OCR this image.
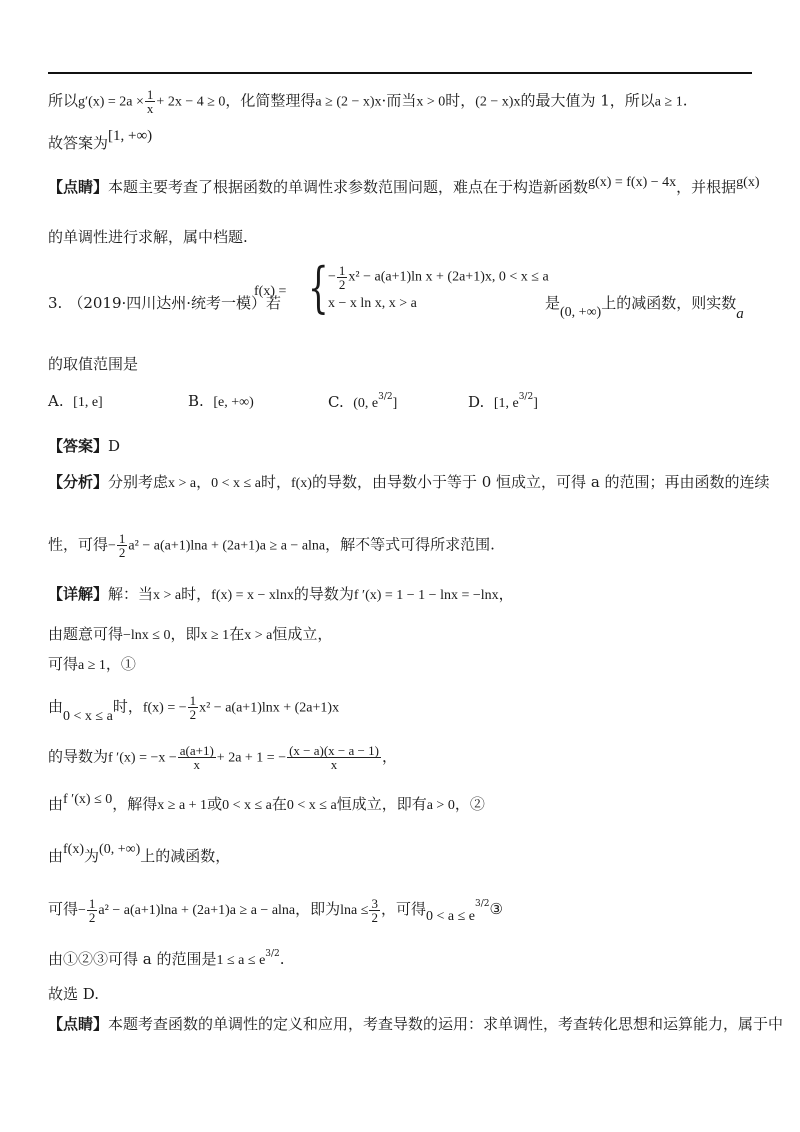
所以$g'(x) = 2a \times \frac{1}{x} + 2x - 4 \ge 0$，化简整理得a ≥ (2 − x)x·而当x > 0时，(2 − x)x的最大值为 1，所以a ≥ 1.
故答案为[1, +∞)
【点睛】本题主要考查了根据函数的单调性求参数范围问题，难点在于构造新函数g(x) = f(x) − 4x，并根据g(x)
的单调性进行求解，属中档题.
3. （2019·四川达州·统考一模）若
f(x) = { − $\frac{1}{2} x^2 - a(a+1)\ln$ x + (2a+1)x, 0 < x ≤ a
x − x ln x, x > a	是(0, +∞)上的减函数，则实数a
的取值范围是
A. [1, e]	B. [e, +∞)	C. (0, $e^{3/2}$]	D. [1, $e^{3/2}$]
【答案】D
【分析】分别考虑x > a，0 < x ≤ a时，f(x)的导数，由导数小于等于 0 恒成立，可得 a 的范围；再由函数的连续
性，可得− $\frac{1}{2} a^2 - a(a+1)\ln a + (2a+1)a \ge a - alna$，解不等式可得所求范围.
【详解】解：当x > a时，f(x) = x − xlnx的导数为f ′(x) = 1 − 1 − lnx = −lnx，
由题意可得−lnx ≤ 0，即x ≥ 1在x > a恒成立，
可得a ≥ 1，①
由0 < x ≤ a时，f(x) = − $\frac{1}{2} x^2 - a(a+1)\ln x + (2a+1)x$
的导数为f $'(x) = -x - \frac{a(a+1)}{x} + 2a + 1$ = − $\frac{(x - a)(x - a - 1)}{x}$ ，
由f ′(x) ≤ 0，解得x ≥ a + 1或0 < x ≤ a在0 < x ≤ a恒成立，即有a > 0，②
由f(x)为(0, +∞)上的减函数，
可得− $\frac{1}{2} a^2 - a(a+1)\ln a + (2a+1)a \ge a - alna$，即为$\ln a \le \frac{3}{2}$ ，可得$0 < a \le e^{3/2}③$
由①②③可得 a 的范围是$1 \le a \le e^{3/2}$.
故选 D.
【点睛】本题考查函数的单调性的定义和应用，考查导数的运用：求单调性，考查转化思想和运算能力，属于中
